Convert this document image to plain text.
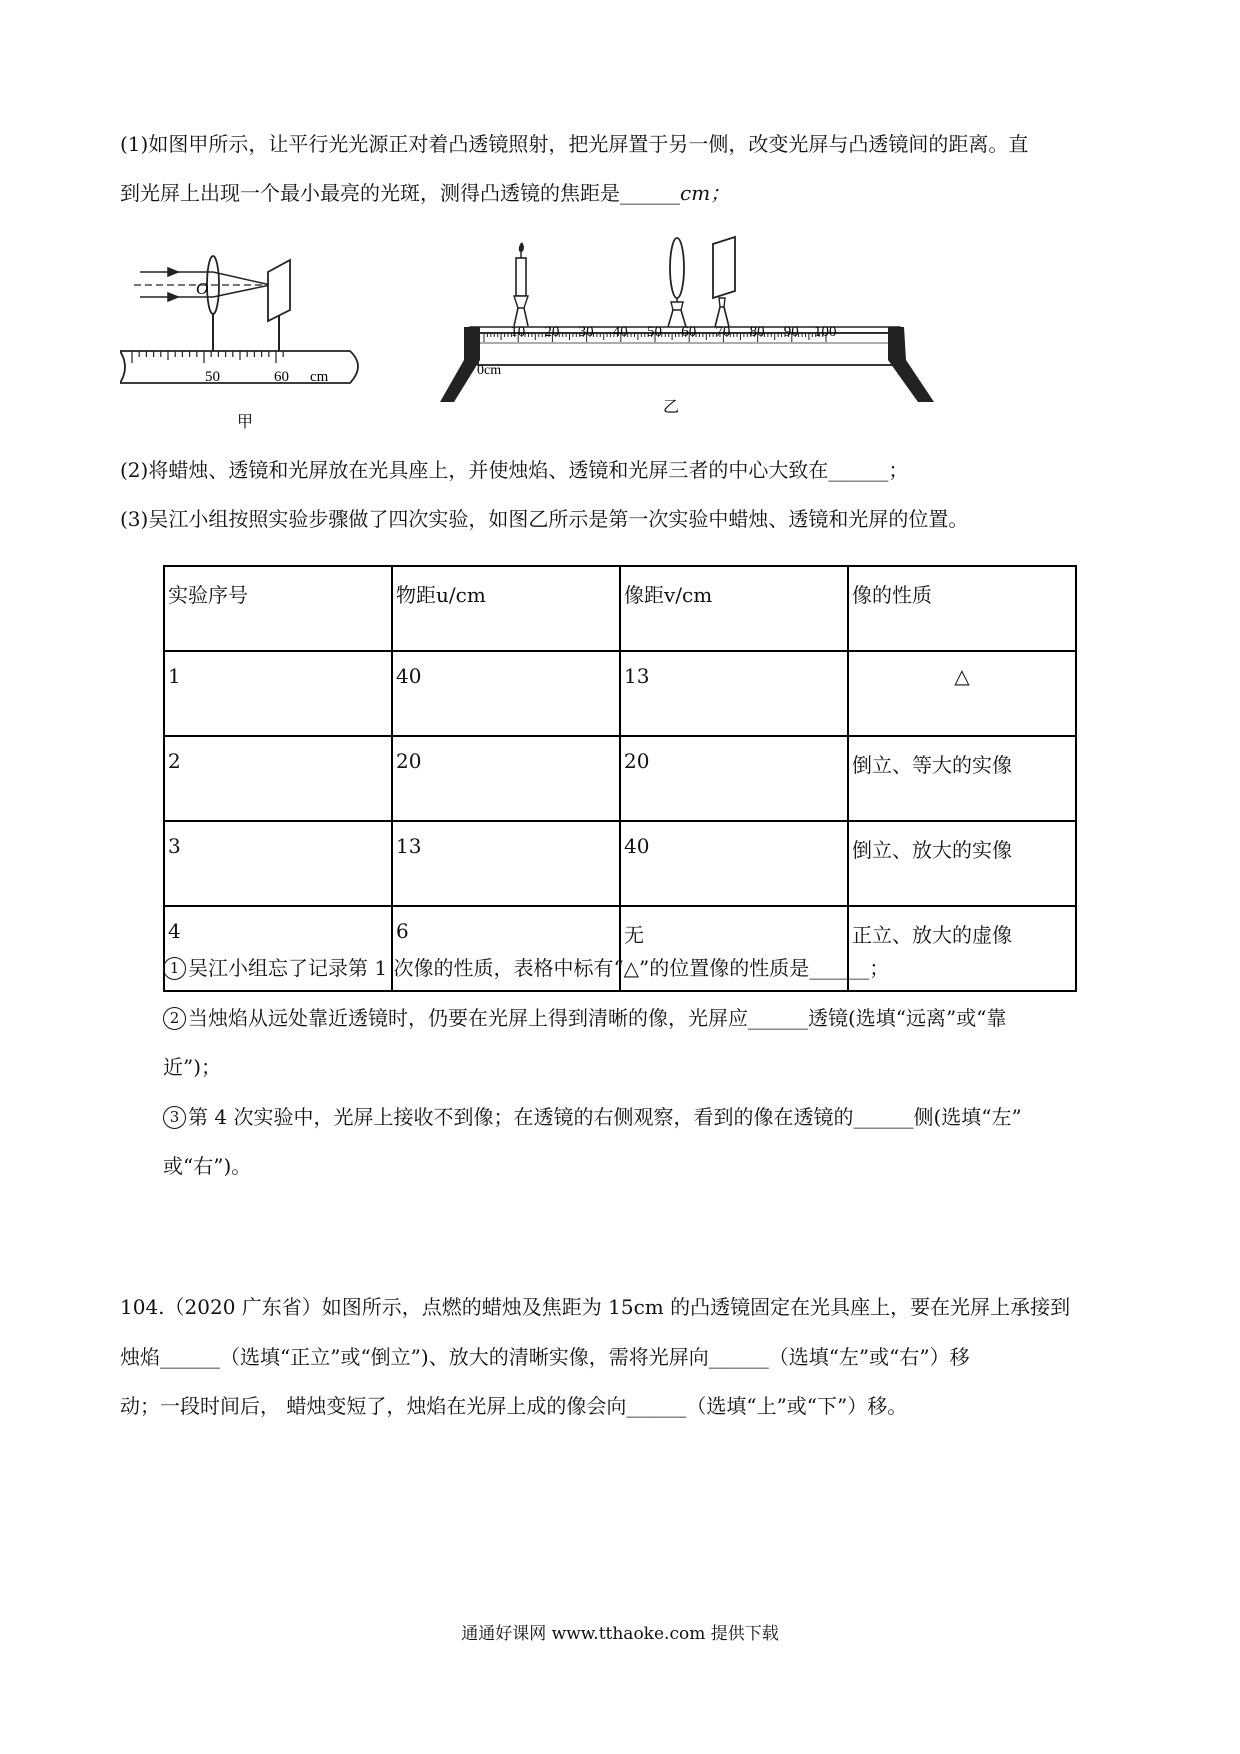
(1)如图甲所示，让平行光光源正对着凸透镜照射，把光屏置于另一侧，改变光屏与凸透镜间的距离。直
到光屏上出现一个最小最亮的光斑，测得凸透镜的焦距是______cm；
O
50	60 cm
甲
10 20 30 40 50 60 70 80 90 100
0cm
乙
(2)将蜡烛、透镜和光屏放在光具座上，并使烛焰、透镜和光屏三者的中心大致在______；
(3)吴江小组按照实验步骤做了四次实验，如图乙所示是第一次实验中蜡烛、透镜和光屏的位置。
实验序号	物距u/cm	像距v/cm	像的性质
1	40	13	△
2	20	20	倒立、等大的实像
3	13	40	倒立、放大的实像
4	6	无	正立、放大的虚像
1 吴江小组忘了记录第 1 次像的性质，表格中标有“△”的位置像的性质是______；
2 当烛焰从远处靠近透镜时，仍要在光屏上得到清晰的像，光屏应______透镜(选填“远离”或“靠
近”)；
3 第 4 次实验中，光屏上接收不到像；在透镜的右侧观察，看到的像在透镜的______侧(选填“左”
或“右”)。
104.（2020 广东省）如图所示，点燃的蜡烛及焦距为 15cm 的凸透镜固定在光具座上，要在光屏上承接到
烛焰______（选填“正立”或“倒立”)、放大的清晰实像，需将光屏向______（选填“左”或“右”）移
动；一段时间后， 蜡烛变短了，烛焰在光屏上成的像会向______（选填“上”或“下”）移。
通通好课网 www.tthaoke.com 提供下载
